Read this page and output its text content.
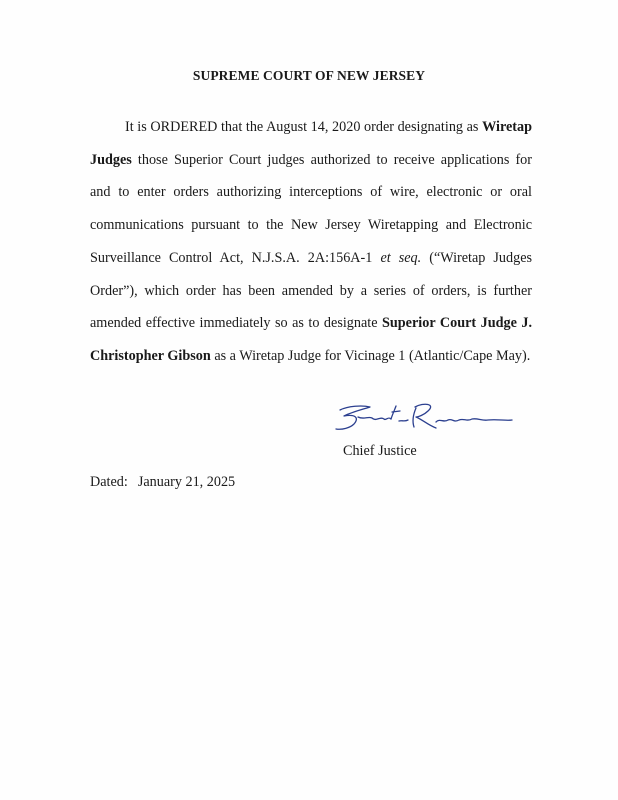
SUPREME COURT OF NEW JERSEY

It is ORDERED that the August 14, 2020 order designating as Wiretap Judges those Superior Court judges authorized to receive applications for and to enter orders authorizing interceptions of wire, electronic or oral communications pursuant to the New Jersey Wiretapping and Electronic Surveillance Control Act, N.J.S.A. 2A:156A-1 et seq. (“Wiretap Judges Order”), which order has been amended by a series of orders, is further amended effective immediately so as to designate Superior Court Judge J. Christopher Gibson as a Wiretap Judge for Vicinage 1 (Atlantic/Cape May).

Chief Justice
Dated: January 21, 2025
